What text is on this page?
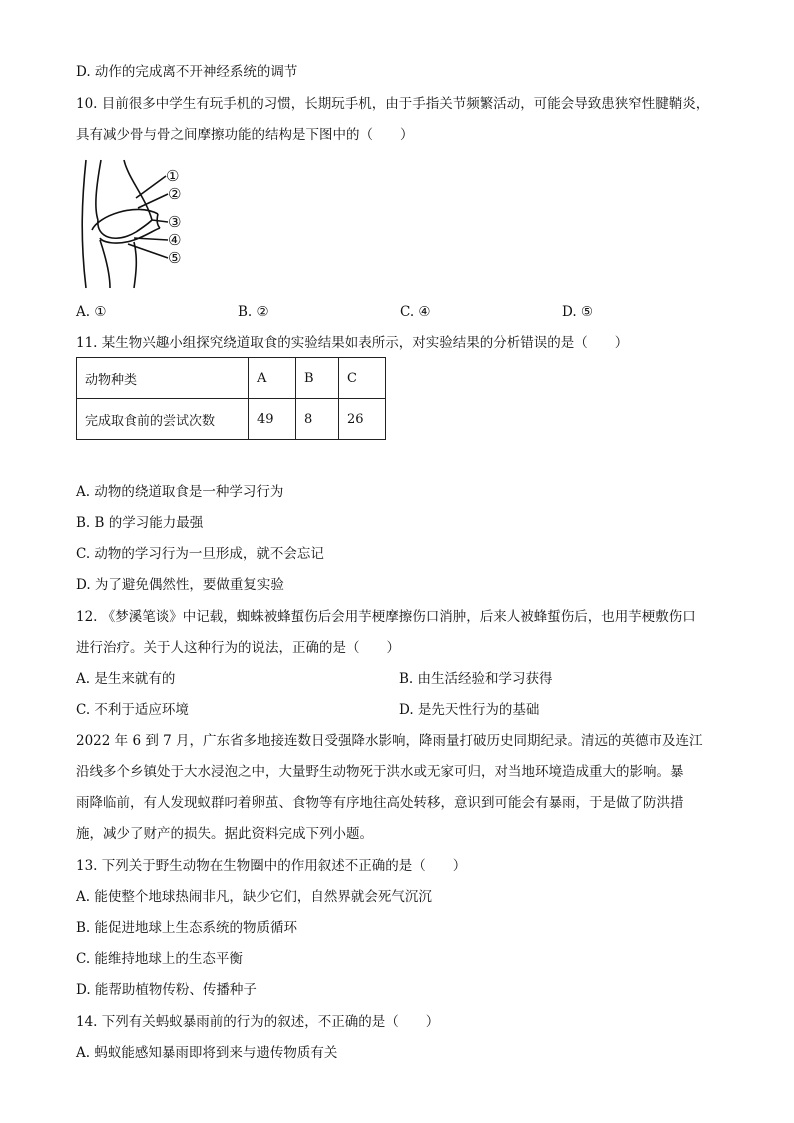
D. 动作的完成离不开神经系统的调节
10. 目前很多中学生有玩手机的习惯，长期玩手机，由于手指关节频繁活动，可能会导致患狭窄性腱鞘炎，
具有减少骨与骨之间摩擦功能的结构是下图中的（　　）
①
②
③
④
⑤
A. ①	B. ②	C. ④	D. ⑤
11. 某生物兴趣小组探究绕道取食的实验结果如表所示，对实验结果的分析错误的是（　　）
动物种类	A	B	C
完成取食前的尝试次数	49	8	26
A. 动物的绕道取食是一种学习行为
B. B 的学习能力最强
C. 动物的学习行为一旦形成，就不会忘记
D. 为了避免偶然性，要做重复实验
12. 《梦溪笔谈》中记载，蜘蛛被蜂蜇伤后会用芋梗摩擦伤口消肿，后来人被蜂蜇伤后，也用芋梗敷伤口
进行治疗。关于人这种行为的说法，正确的是（　　）
A. 是生来就有的	B. 由生活经验和学习获得
C. 不利于适应环境	D. 是先天性行为的基础
2022 年 6 到 7 月，广东省多地接连数日受强降水影响，降雨量打破历史同期纪录。清远的英德市及连江
沿线多个乡镇处于大水浸泡之中，大量野生动物死于洪水或无家可归，对当地环境造成重大的影响。暴
雨降临前，有人发现蚁群叼着卵茧、食物等有序地往高处转移，意识到可能会有暴雨，于是做了防洪措
施，减少了财产的损失。据此资料完成下列小题。
13. 下列关于野生动物在生物圈中的作用叙述不正确的是（　　）
A. 能使整个地球热闹非凡，缺少它们，自然界就会死气沉沉
B. 能促进地球上生态系统的物质循环
C. 能维持地球上的生态平衡
D. 能帮助植物传粉、传播种子
14. 下列有关蚂蚁暴雨前的行为的叙述，不正确的是（　　）
A. 蚂蚁能感知暴雨即将到来与遗传物质有关
